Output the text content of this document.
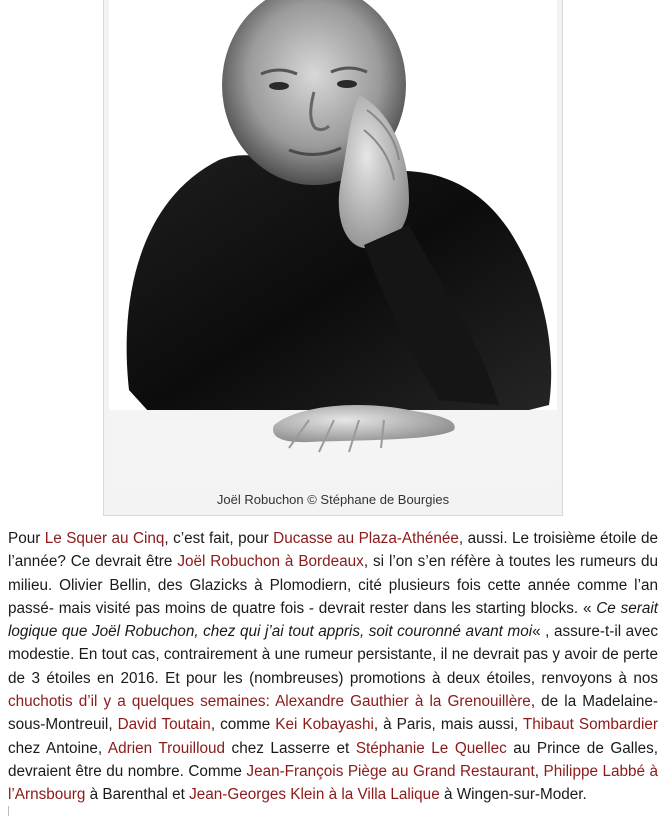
Joël Robuchon © Stéphane de Bourgies

Pour Le Squer au Cinq, c’est fait, pour Ducasse au Plaza-Athénée, aussi. Le troisième étoile de l’année? Ce devrait être Joël Robuchon à Bordeaux, si l’on s’en réfère à toutes les rumeurs du milieu. Olivier Bellin, des Glazicks à Plomodiern, cité plusieurs fois cette année comme l’an passé- mais visité pas moins de quatre fois - devrait rester dans les starting blocks. « Ce serait logique que Joël Robuchon, chez qui j’ai tout appris, soit couronné avant moi« , assure-t-il avec modestie. En tout cas, contrairement à une rumeur persistante, il ne devrait pas y avoir de perte de 3 étoiles en 2016. Et pour les (nombreuses) promotions à deux étoiles, renvoyons à nos chuchotis d’il y a quelques semaines: Alexandre Gauthier à la Grenouillère, de la Madelaine-sous-Montreuil, David Toutain, comme Kei Kobayashi, à Paris, mais aussi, Thibaut Sombardier chez Antoine, Adrien Trouilloud chez Lasserre et Stéphanie Le Quellec au Prince de Galles, devraient être du nombre. Comme Jean-François Piège au Grand Restaurant, Philippe Labbé à l’Arnsbourg à Barenthal et Jean-Georges Klein à la Villa Lalique à Wingen-sur-Moder.
